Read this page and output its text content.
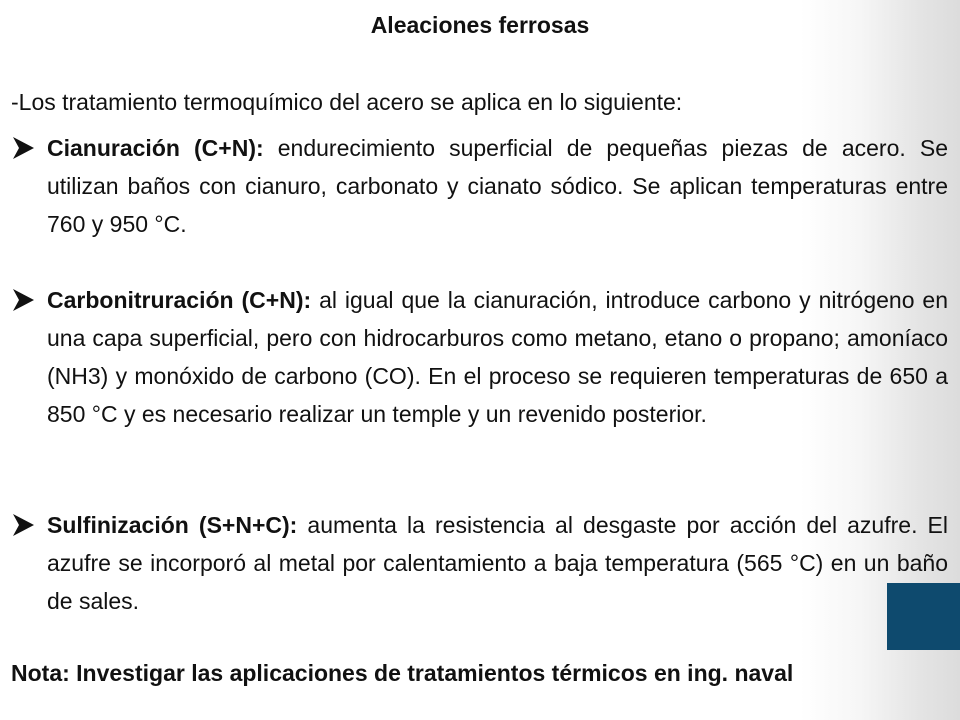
Aleaciones ferrosas
-Los tratamiento termoquímico del acero se aplica en lo siguiente:
Cianuración (C+N): endurecimiento superficial de pequeñas piezas de acero. Se utilizan baños con cianuro, carbonato y cianato sódico. Se aplican temperaturas entre 760 y 950 °C.
Carbonitruración (C+N): al igual que la cianuración, introduce carbono y nitrógeno en una capa superficial, pero con hidrocarburos como metano, etano o propano; amoníaco (NH3) y monóxido de carbono (CO). En el proceso se requieren temperaturas de 650 a 850 °C y es necesario realizar un temple y un revenido posterior.
Sulfinización (S+N+C): aumenta la resistencia al desgaste por acción del azufre. El azufre se incorporó al metal por calentamiento a baja temperatura (565 °C) en un baño de sales.
Nota: Investigar las aplicaciones de tratamientos térmicos en ing. naval
